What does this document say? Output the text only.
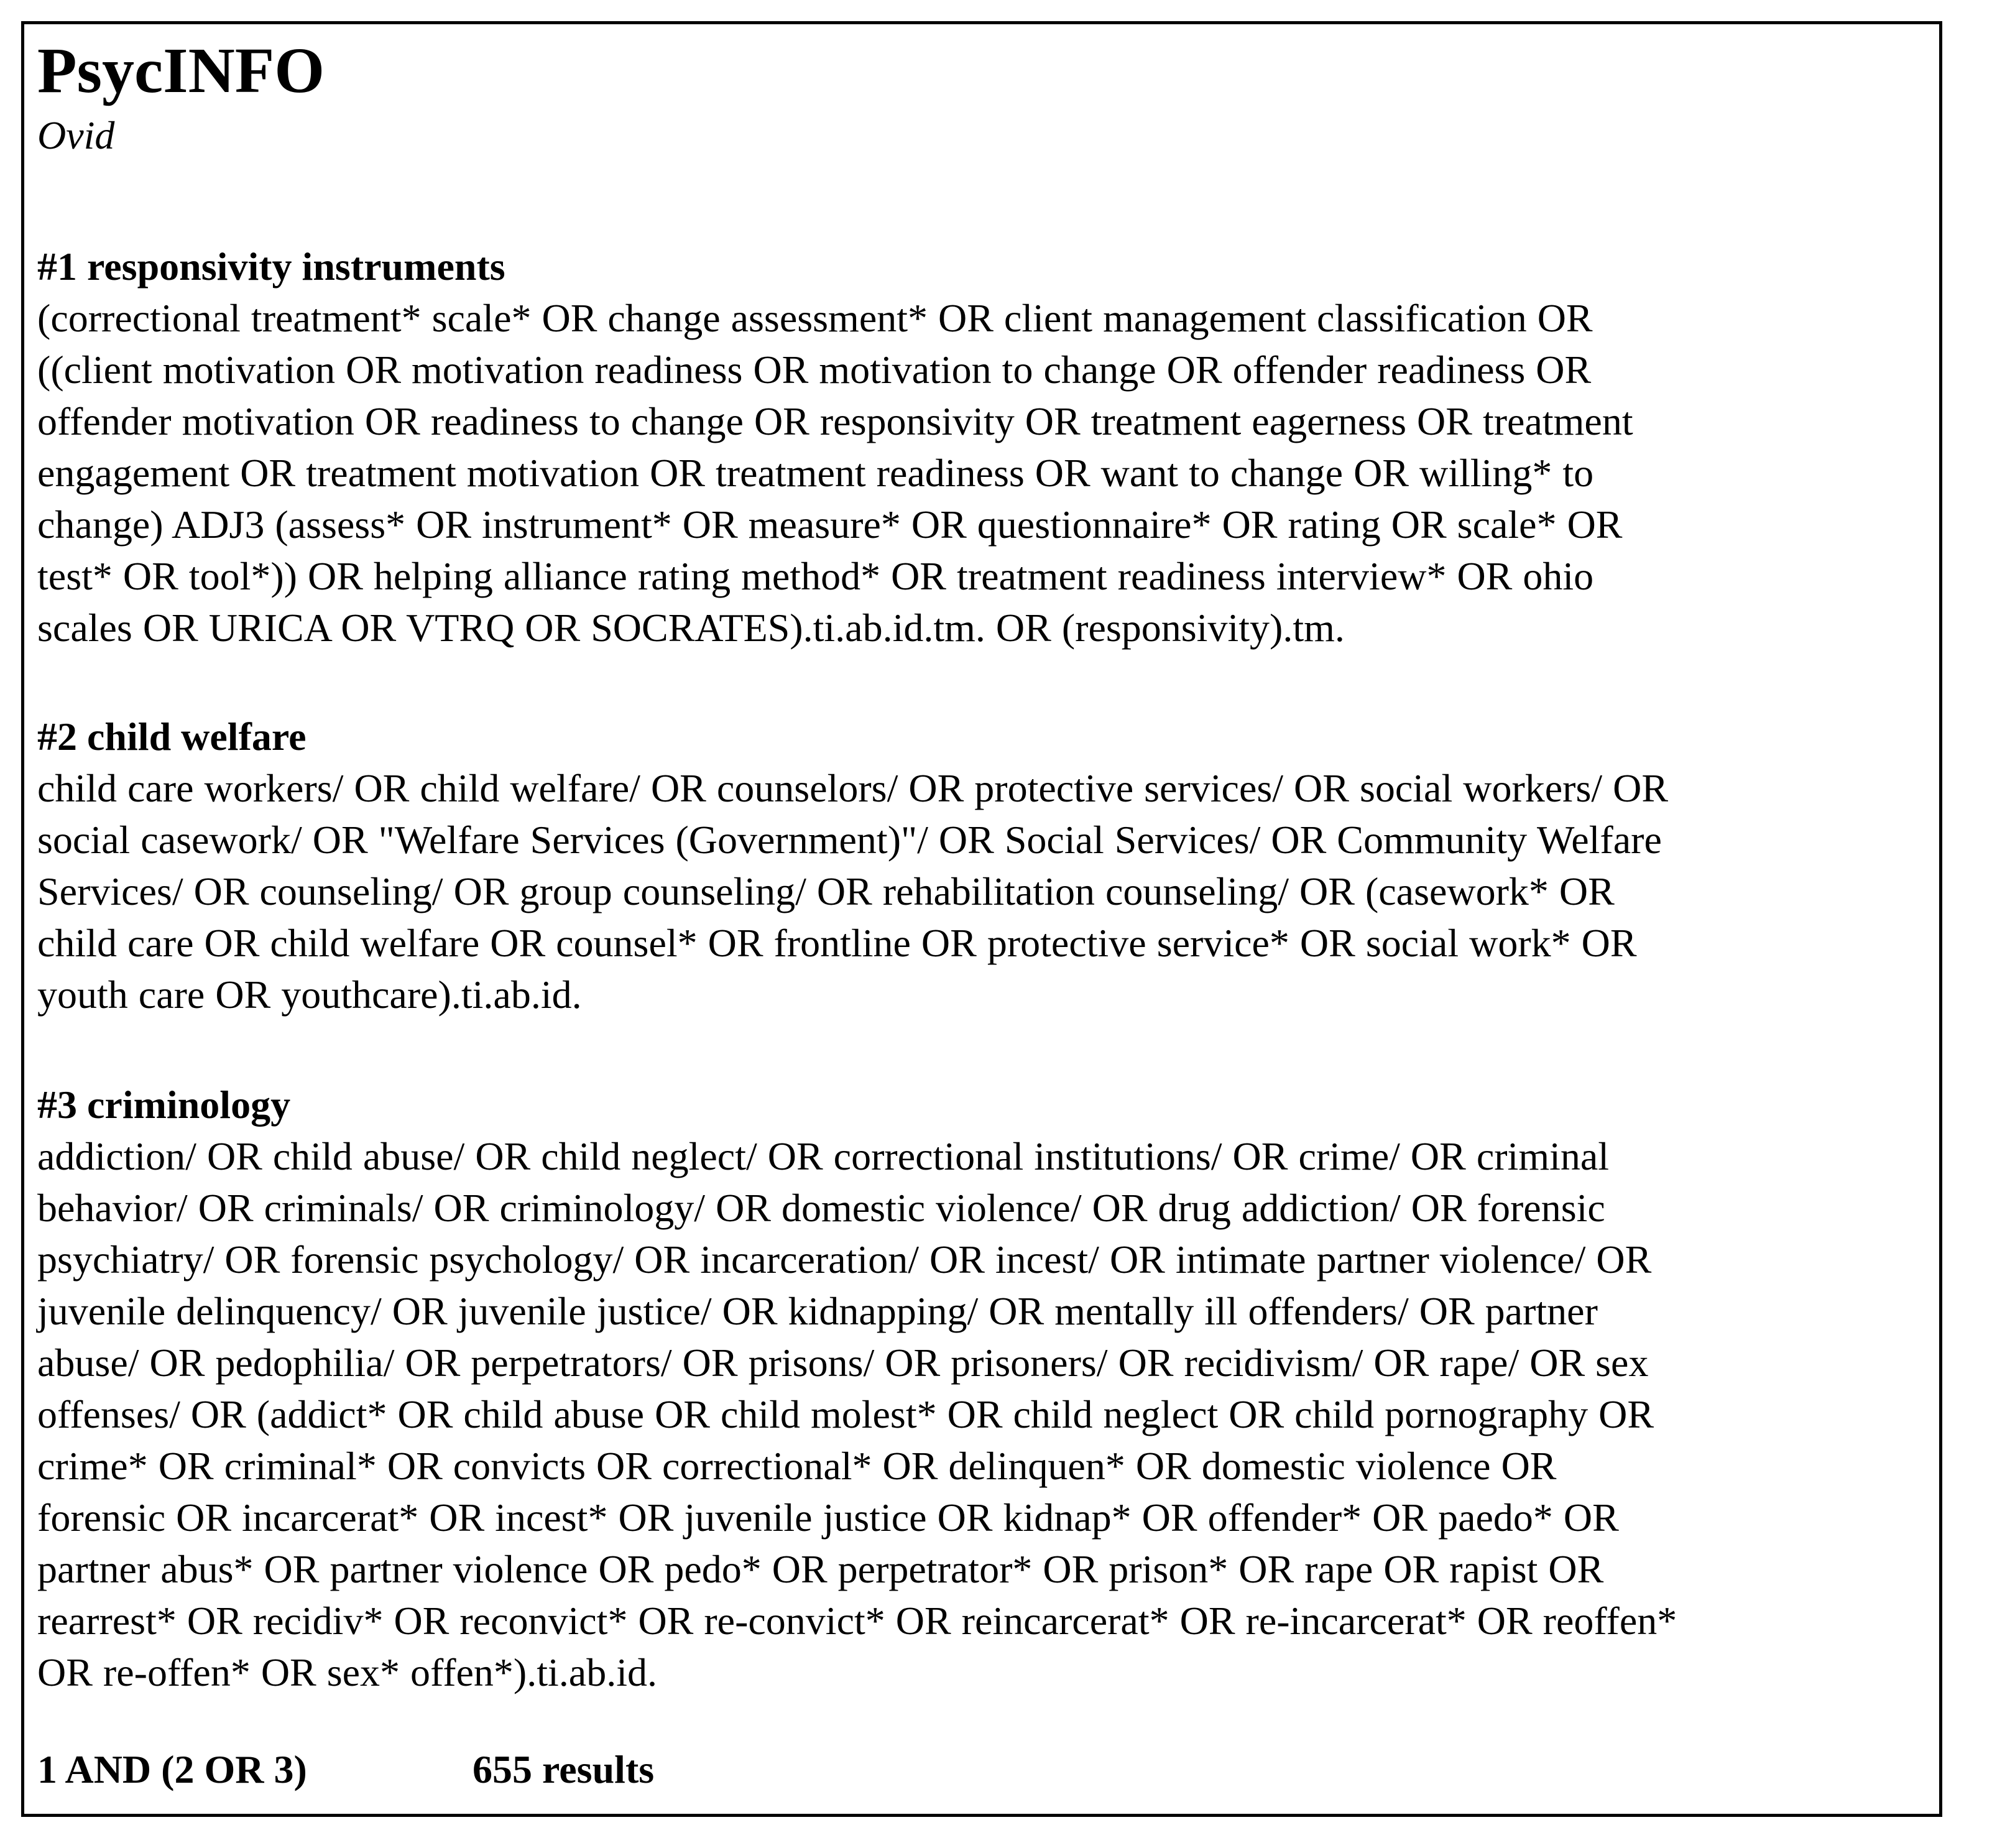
PsycINFO
Ovid
#1 responsivity instruments
(correctional treatment* scale* OR change assessment* OR client management classification OR
((client motivation OR motivation readiness OR motivation to change OR offender readiness OR
offender motivation OR readiness to change OR responsivity OR treatment eagerness OR treatment
engagement OR treatment motivation OR treatment readiness OR want to change OR willing* to
change) ADJ3 (assess* OR instrument* OR measure* OR questionnaire* OR rating OR scale* OR
test* OR tool*)) OR helping alliance rating method* OR treatment readiness interview* OR ohio
scales OR URICA OR VTRQ OR SOCRATES).ti.ab.id.tm. OR (responsivity).tm.
#2 child welfare
child care workers/ OR child welfare/ OR counselors/ OR protective services/ OR social workers/ OR
social casework/ OR "Welfare Services (Government)"/ OR Social Services/ OR Community Welfare
Services/ OR counseling/ OR group counseling/ OR rehabilitation counseling/ OR (casework* OR
child care OR child welfare OR counsel* OR frontline OR protective service* OR social work* OR
youth care OR youthcare).ti.ab.id.
#3 criminology
addiction/ OR child abuse/ OR child neglect/ OR correctional institutions/ OR crime/ OR criminal
behavior/ OR criminals/ OR criminology/ OR domestic violence/ OR drug addiction/ OR forensic
psychiatry/ OR forensic psychology/ OR incarceration/ OR incest/ OR intimate partner violence/ OR
juvenile delinquency/ OR juvenile justice/ OR kidnapping/ OR mentally ill offenders/ OR partner
abuse/ OR pedophilia/ OR perpetrators/ OR prisons/ OR prisoners/ OR recidivism/ OR rape/ OR sex
offenses/ OR (addict* OR child abuse OR child molest* OR child neglect OR child pornography OR
crime* OR criminal* OR convicts OR correctional* OR delinquen* OR domestic violence OR
forensic OR incarcerat* OR incest* OR juvenile justice OR kidnap* OR offender* OR paedo* OR
partner abus* OR partner violence OR pedo* OR perpetrator* OR prison* OR rape OR rapist OR
rearrest* OR recidiv* OR reconvict* OR re-convict* OR reincarcerat* OR re-incarcerat* OR reoffen*
OR re-offen* OR sex* offen*).ti.ab.id.
1 AND (2 OR 3)	655 results
